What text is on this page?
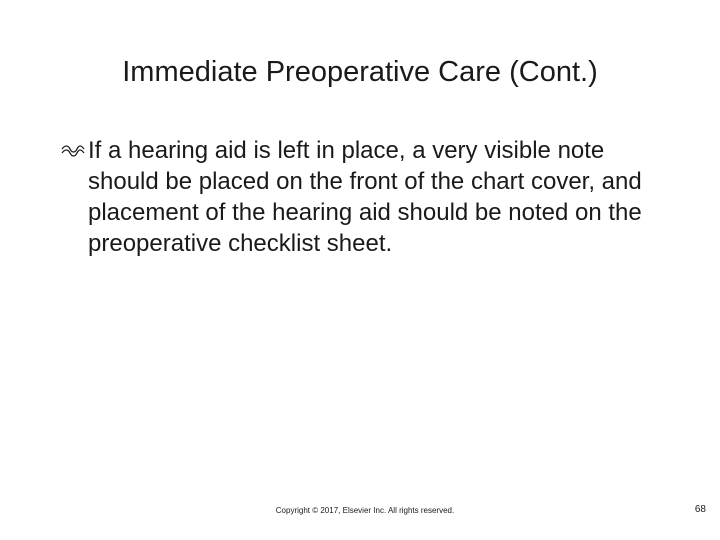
Immediate Preoperative Care (Cont.)
If a hearing aid is left in place, a very visible note should be placed on the front of the chart cover, and placement of the hearing aid should be noted on the preoperative checklist sheet.
Copyright © 2017, Elsevier Inc. All rights reserved.	68
